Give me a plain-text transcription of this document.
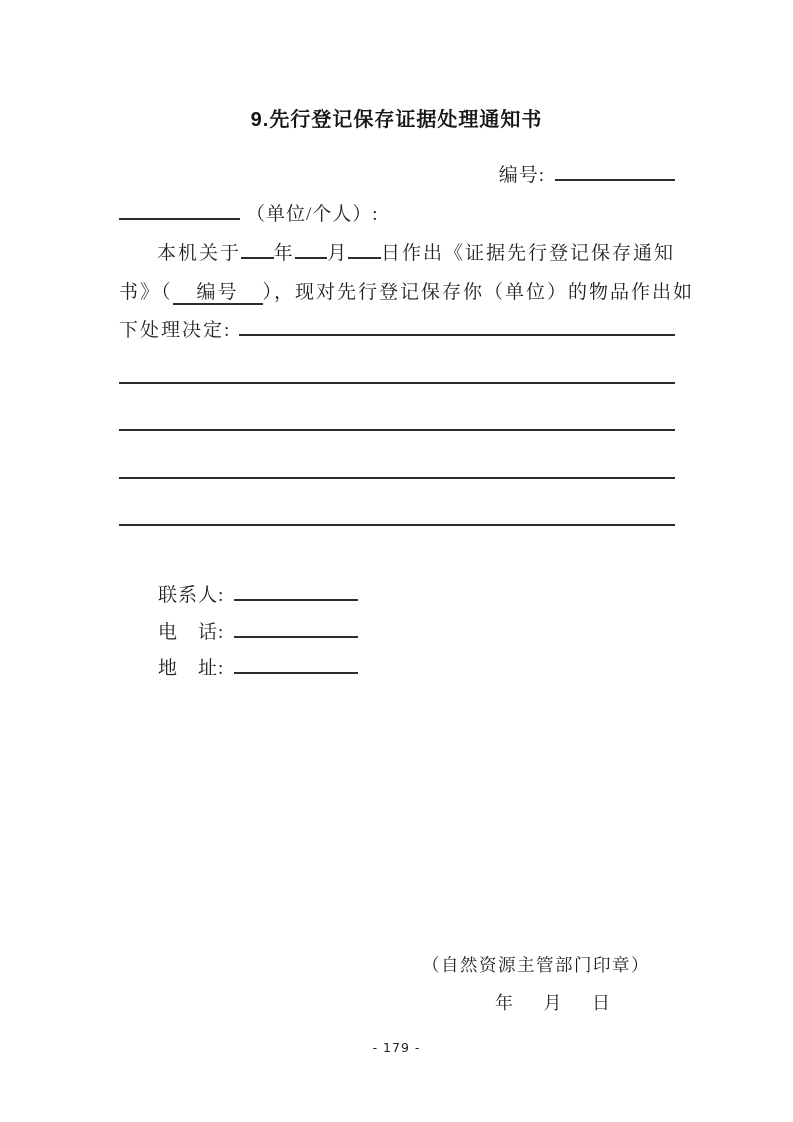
9.先行登记保存证据处理通知书
编号:
（单位/个人）:
本机关于 年 月 日作出《证据先行登记保存通知
书》（	编号	），现对先行登记保存你（单位）的物品作出如
下处理决定:
联系人:
电　话:
地　址:
（自然资源主管部门印章）
年 月 日
- 179 -
